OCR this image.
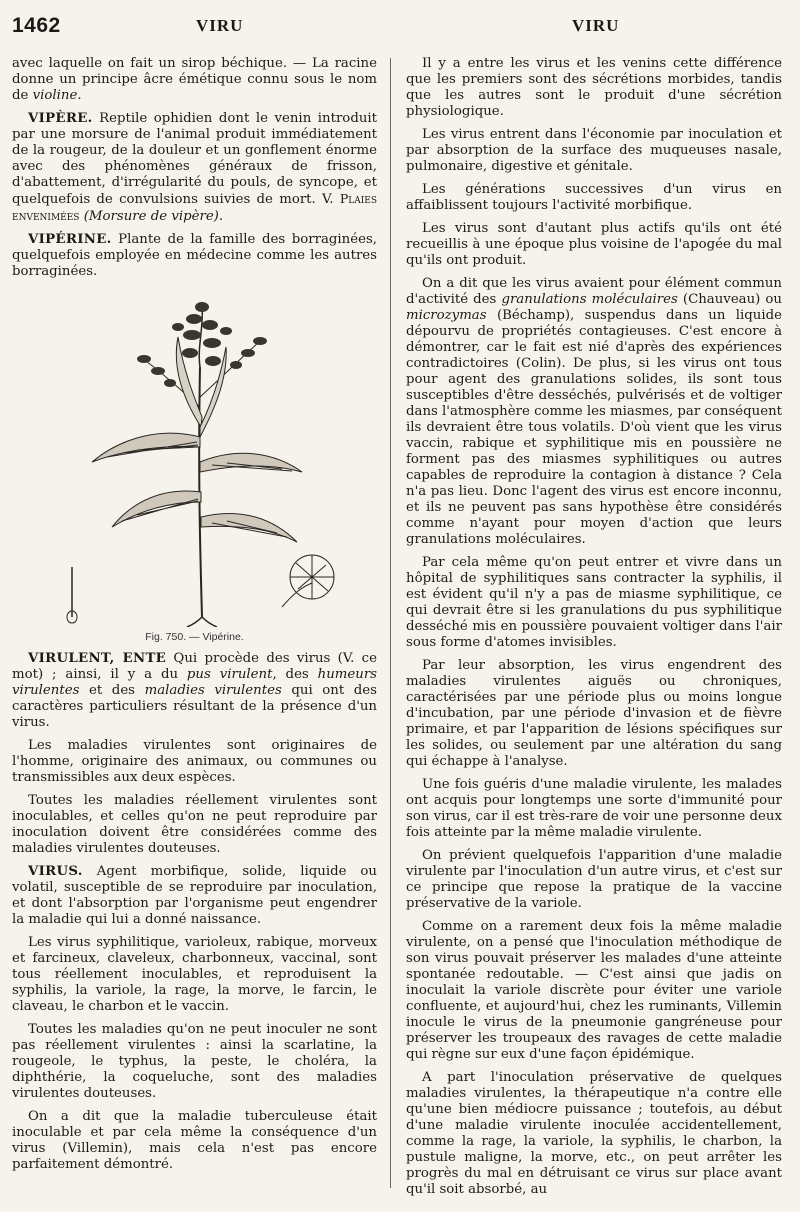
1462	VIRU	VIRU

avec laquelle on fait un sirop béchique. — La racine donne un principe âcre émétique connu sous le nom de violine.

VIPÈRE. Reptile ophidien dont le venin introduit par une morsure de l'animal produit immédiatement de la rougeur, de la douleur et un gonflement énorme avec des phénomènes généraux de frisson, d'abattement, d'irrégularité du pouls, de syncope, et quelquefois de convulsions suivies de mort. V. Plaies envenimées (Morsure de vipère).

VIPÉRINE. Plante de la famille des borraginées, quelquefois employée en médecine comme les autres borraginées.

Fig. 750. — Vipérine.

VIRULENT, ENTE Qui procède des virus (V. ce mot) ; ainsi, il y a du pus virulent, des humeurs virulentes et des maladies virulentes qui ont des caractères particuliers résultant de la présence d'un virus.

Les maladies virulentes sont originaires de l'homme, originaire des animaux, ou communes ou transmissibles aux deux espèces.

Toutes les maladies réellement virulentes sont inoculables, et celles qu'on ne peut reproduire par inoculation doivent être considérées comme des maladies virulentes douteuses.

VIRUS. Agent morbifique, solide, liquide ou volatil, susceptible de se reproduire par inoculation, et dont l'absorption par l'organisme peut engendrer la maladie qui lui a donné naissance.

Les virus syphilitique, varioleux, rabique, morveux et farcineux, claveleux, charbonneux, vaccinal, sont tous réellement inoculables, et reproduisent la syphilis, la variole, la rage, la morve, le farcin, le claveau, le charbon et le vaccin.

Toutes les maladies qu'on ne peut inoculer ne sont pas réellement virulentes : ainsi la scarlatine, la rougeole, le typhus, la peste, le choléra, la diphthérie, la coqueluche, sont des maladies virulentes douteuses.

On a dit que la maladie tuberculeuse était inoculable et par cela même la conséquence d'un virus (Villemin), mais cela n'est pas encore parfaitement démontré.

Il y a entre les virus et les venins cette différence que les premiers sont des sécrétions morbides, tandis que les autres sont le produit d'une sécrétion physiologique.

Les virus entrent dans l'économie par inoculation et par absorption de la surface des muqueuses nasale, pulmonaire, digestive et génitale.

Les générations successives d'un virus en affaiblissent toujours l'activité morbifique.

Les virus sont d'autant plus actifs qu'ils ont été recueillis à une époque plus voisine de l'apogée du mal qu'ils ont produit.

On a dit que les virus avaient pour élément commun d'activité des granulations moléculaires (Chauveau) ou microzymas (Béchamp), suspendus dans un liquide dépourvu de propriétés contagieuses. C'est encore à démontrer, car le fait est nié d'après des expériences contradictoires (Colin). De plus, si les virus ont tous pour agent des granulations solides, ils sont tous susceptibles d'être desséchés, pulvérisés et de voltiger dans l'atmosphère comme les miasmes, par conséquent ils devraient être tous volatils. D'où vient que les virus vaccin, rabique et syphilitique mis en poussière ne forment pas des miasmes syphilitiques ou autres capables de reproduire la contagion à distance ? Cela n'a pas lieu. Donc l'agent des virus est encore inconnu, et ils ne peuvent pas sans hypothèse être considérés comme n'ayant pour moyen d'action que leurs granulations moléculaires.

Par cela même qu'on peut entrer et vivre dans un hôpital de syphilitiques sans contracter la syphilis, il est évident qu'il n'y a pas de miasme syphilitique, ce qui devrait être si les granulations du pus syphilitique desséché mis en poussière pouvaient voltiger dans l'air sous forme d'atomes invisibles.

Par leur absorption, les virus engendrent des maladies virulentes aiguës ou chroniques, caractérisées par une période plus ou moins longue d'incubation, par une période d'invasion et de fièvre primaire, et par l'apparition de lésions spécifiques sur les solides, ou seulement par une altération du sang qui échappe à l'analyse.

Une fois guéris d'une maladie virulente, les malades ont acquis pour longtemps une sorte d'immunité pour son virus, car il est très-rare de voir une personne deux fois atteinte par la même maladie virulente.

On prévient quelquefois l'apparition d'une maladie virulente par l'inoculation d'un autre virus, et c'est sur ce principe que repose la pratique de la vaccine préservative de la variole.

Comme on a rarement deux fois la même maladie virulente, on a pensé que l'inoculation méthodique de son virus pouvait préserver les malades d'une atteinte spontanée redoutable. — C'est ainsi que jadis on inoculait la variole discrète pour éviter une variole confluente, et aujourd'hui, chez les ruminants, Villemin inocule le virus de la pneumonie gangréneuse pour préserver les troupeaux des ravages de cette maladie qui règne sur eux d'une façon épidémique.

A part l'inoculation préservative de quelques maladies virulentes, la thérapeutique n'a contre elle qu'une bien médiocre puissance ; toutefois, au début d'une maladie virulente inoculée accidentellement, comme la rage, la variole, la syphilis, le charbon, la pustule maligne, la morve, etc., on peut arrêter les progrès du mal en détruisant ce virus sur place avant qu'il soit absorbé, au
